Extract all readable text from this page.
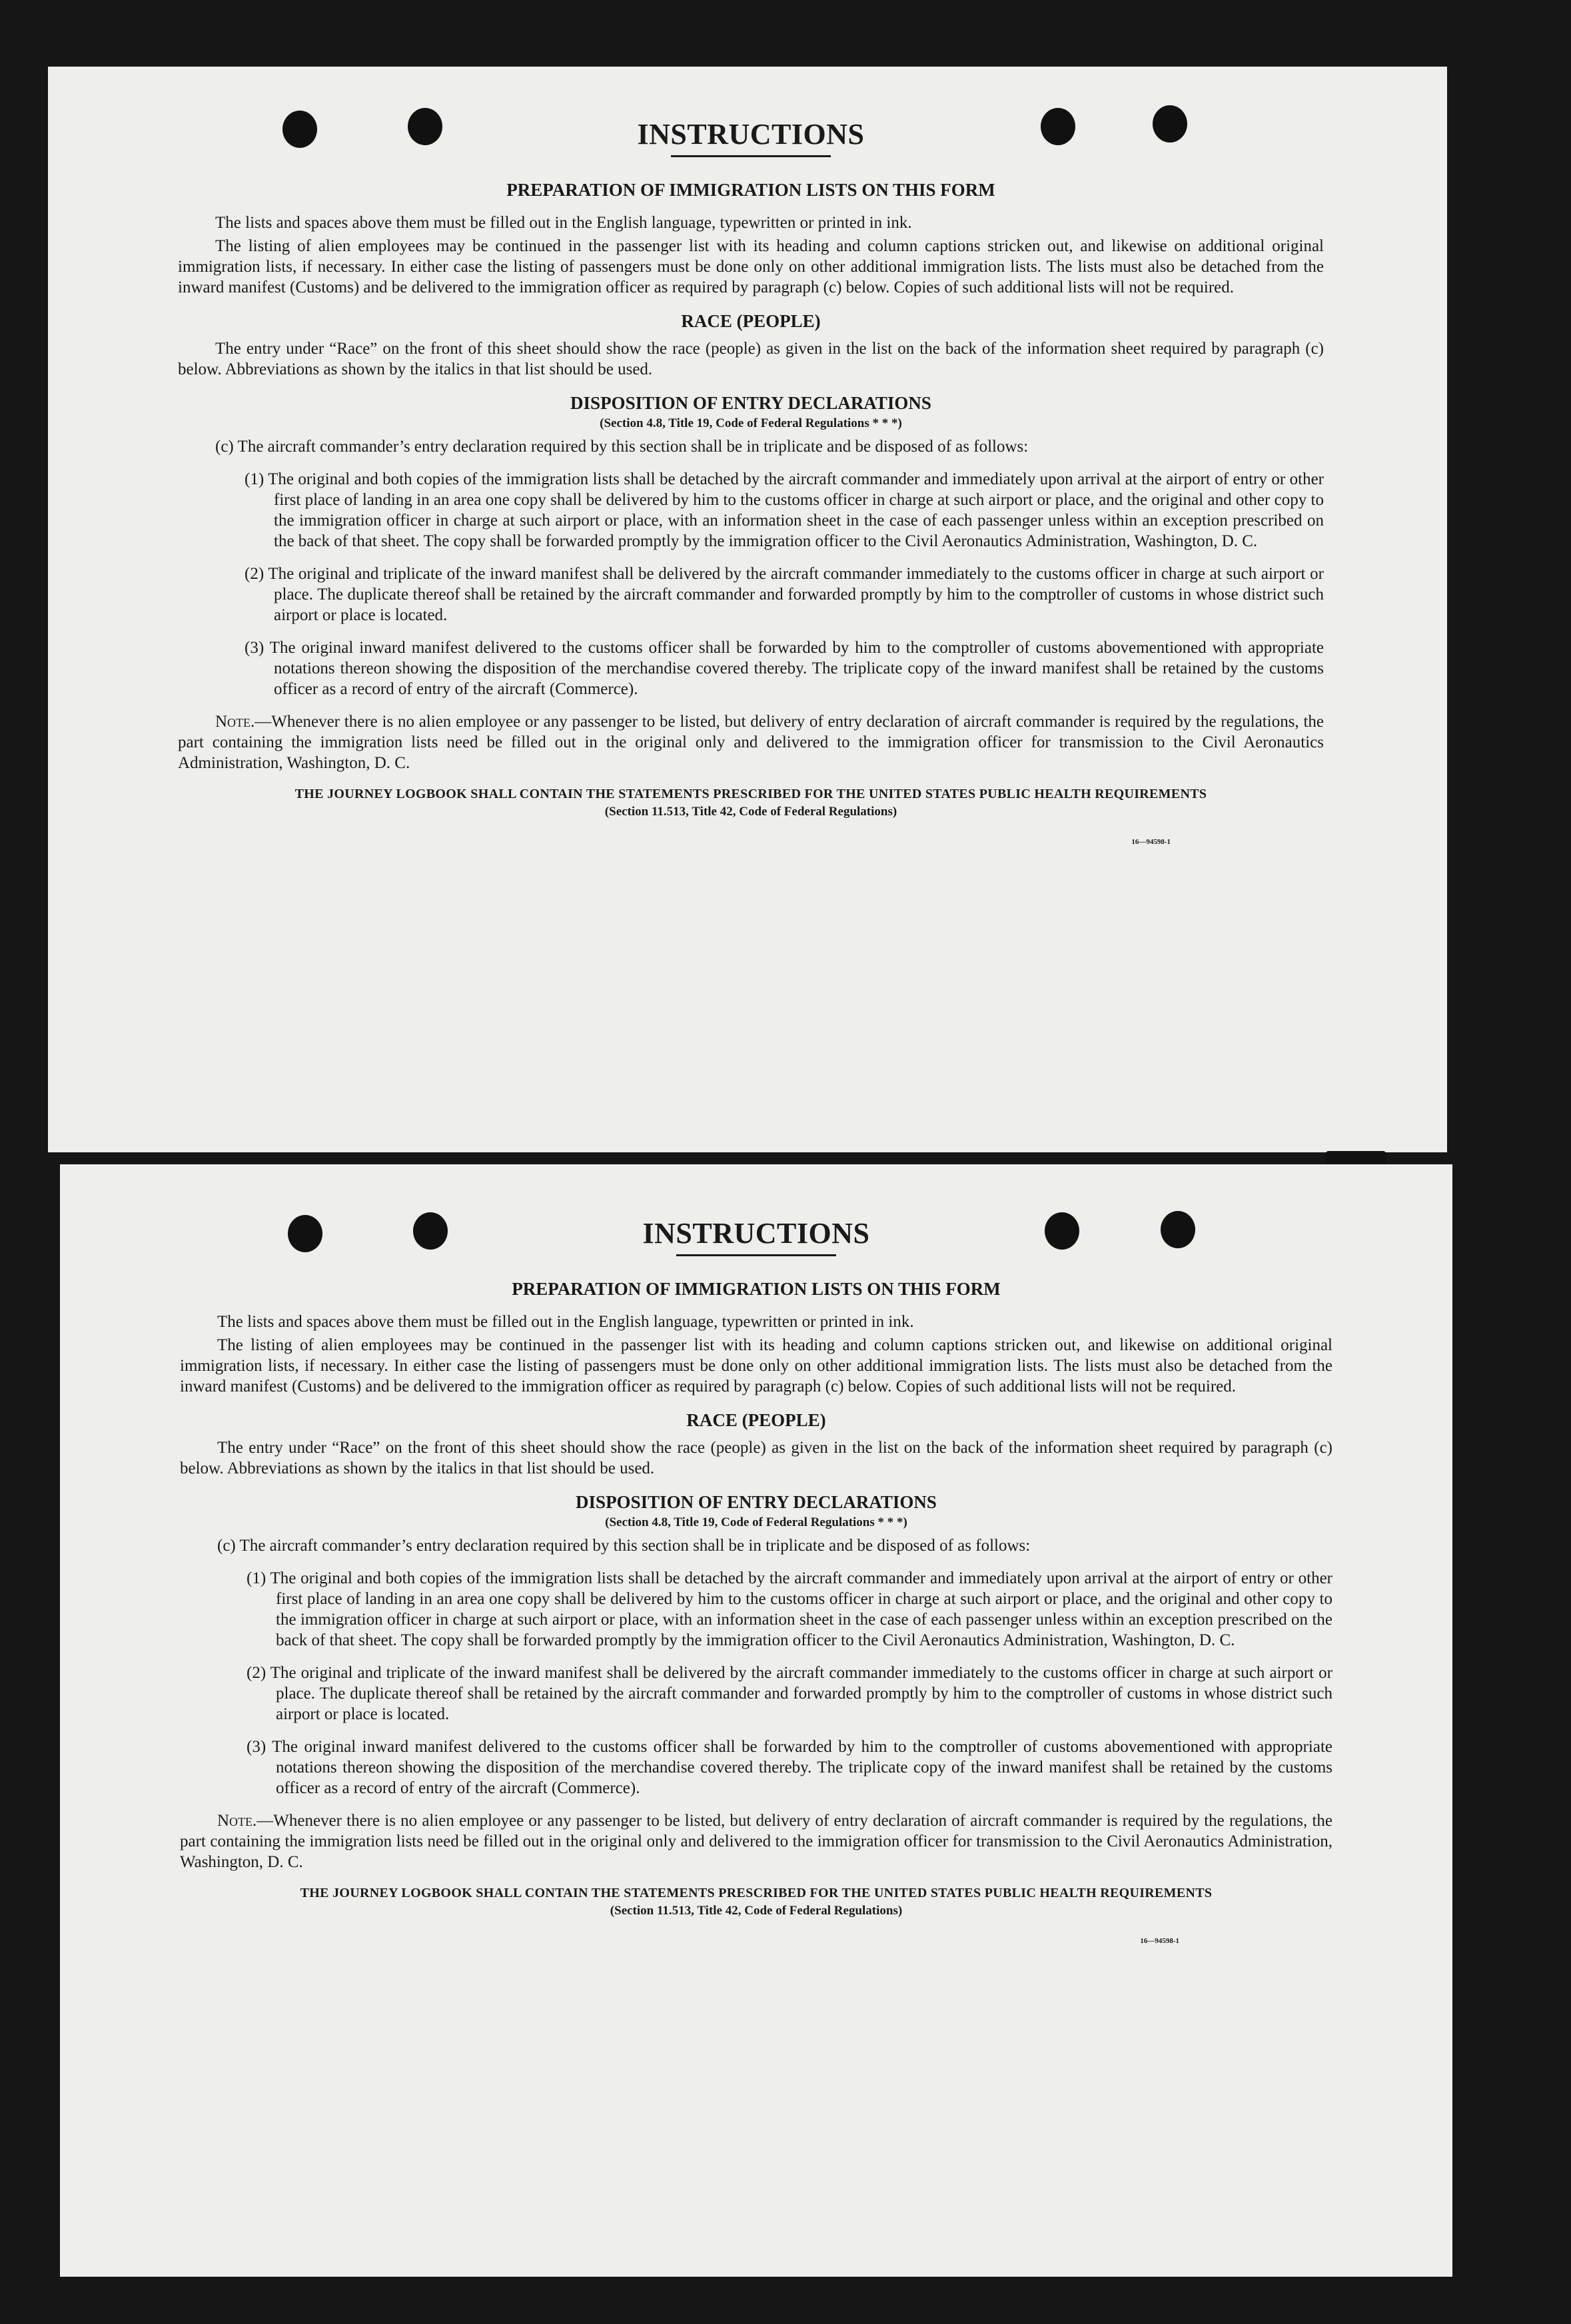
INSTRUCTIONS
PREPARATION OF IMMIGRATION LISTS ON THIS FORM

The lists and spaces above them must be filled out in the English language, typewritten or printed in ink.

The listing of alien employees may be continued in the passenger list with its heading and column captions stricken out, and likewise on additional original immigration lists, if necessary. In either case the listing of passengers must be done only on other additional immigration lists. The lists must also be detached from the inward manifest (Customs) and be delivered to the immigration officer as required by paragraph (c) below. Copies of such additional lists will not be required.

RACE (PEOPLE)

The entry under “Race” on the front of this sheet should show the race (people) as given in the list on the back of the information sheet required by paragraph (c) below. Abbreviations as shown by the italics in that list should be used.

DISPOSITION OF ENTRY DECLARATIONS
(Section 4.8, Title 19, Code of Federal Regulations * * *)

(c) The aircraft commander’s entry declaration required by this section shall be in triplicate and be disposed of as follows:

(1) The original and both copies of the immigration lists shall be detached by the aircraft commander and immediately upon arrival at the airport of entry or other first place of landing in an area one copy shall be delivered by him to the customs officer in charge at such airport or place, and the original and other copy to the immigration officer in charge at such airport or place, with an information sheet in the case of each passenger unless within an exception prescribed on the back of that sheet. The copy shall be forwarded promptly by the immigration officer to the Civil Aeronautics Administration, Washington, D. C.

(2) The original and triplicate of the inward manifest shall be delivered by the aircraft commander immediately to the customs officer in charge at such airport or place. The duplicate thereof shall be retained by the aircraft commander and forwarded promptly by him to the comptroller of customs in whose district such airport or place is located.

(3) The original inward manifest delivered to the customs officer shall be forwarded by him to the comptroller of customs abovementioned with appropriate notations thereon showing the disposition of the merchandise covered thereby. The triplicate copy of the inward manifest shall be retained by the customs officer as a record of entry of the aircraft (Commerce).

Note.—Whenever there is no alien employee or any passenger to be listed, but delivery of entry declaration of aircraft commander is required by the regulations, the part containing the immigration lists need be filled out in the original only and delivered to the immigration officer for transmission to the Civil Aeronautics Administration, Washington, D. C.

THE JOURNEY LOGBOOK SHALL CONTAIN THE STATEMENTS PRESCRIBED FOR THE UNITED STATES PUBLIC HEALTH REQUIREMENTS
(Section 11.513, Title 42, Code of Federal Regulations)
16—94598-1
INSTRUCTIONS
PREPARATION OF IMMIGRATION LISTS ON THIS FORM

The lists and spaces above them must be filled out in the English language, typewritten or printed in ink.

The listing of alien employees may be continued in the passenger list with its heading and column captions stricken out, and likewise on additional original immigration lists, if necessary. In either case the listing of passengers must be done only on other additional immigration lists. The lists must also be detached from the inward manifest (Customs) and be delivered to the immigration officer as required by paragraph (c) below. Copies of such additional lists will not be required.

RACE (PEOPLE)

The entry under “Race” on the front of this sheet should show the race (people) as given in the list on the back of the information sheet required by paragraph (c) below. Abbreviations as shown by the italics in that list should be used.

DISPOSITION OF ENTRY DECLARATIONS
(Section 4.8, Title 19, Code of Federal Regulations * * *)

(c) The aircraft commander’s entry declaration required by this section shall be in triplicate and be disposed of as follows:

(1) The original and both copies of the immigration lists shall be detached by the aircraft commander and immediately upon arrival at the airport of entry or other first place of landing in an area one copy shall be delivered by him to the customs officer in charge at such airport or place, and the original and other copy to the immigration officer in charge at such airport or place, with an information sheet in the case of each passenger unless within an exception prescribed on the back of that sheet. The copy shall be forwarded promptly by the immigration officer to the Civil Aeronautics Administration, Washington, D. C.

(2) The original and triplicate of the inward manifest shall be delivered by the aircraft commander immediately to the customs officer in charge at such airport or place. The duplicate thereof shall be retained by the aircraft commander and forwarded promptly by him to the comptroller of customs in whose district such airport or place is located.

(3) The original inward manifest delivered to the customs officer shall be forwarded by him to the comptroller of customs abovementioned with appropriate notations thereon showing the disposition of the merchandise covered thereby. The triplicate copy of the inward manifest shall be retained by the customs officer as a record of entry of the aircraft (Commerce).

Note.—Whenever there is no alien employee or any passenger to be listed, but delivery of entry declaration of aircraft commander is required by the regulations, the part containing the immigration lists need be filled out in the original only and delivered to the immigration officer for transmission to the Civil Aeronautics Administration, Washington, D. C.

THE JOURNEY LOGBOOK SHALL CONTAIN THE STATEMENTS PRESCRIBED FOR THE UNITED STATES PUBLIC HEALTH REQUIREMENTS
(Section 11.513, Title 42, Code of Federal Regulations)
16—94598-1
